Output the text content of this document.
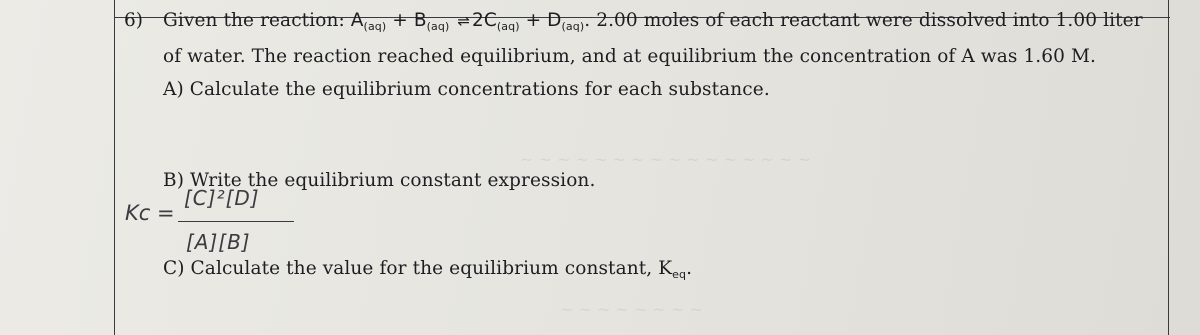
~ ~ ~ ~ ~ ~ ~ ~ ~ ~ ~ ~ ~ ~ ~ ~
~ ~ ~ ~ ~ ~ ~ ~
6) Given the reaction: $A_{(aq)} + B_{(aq)}$ ⇌ $2C_{(aq)} + D_{(aq)}$. 2.00 moles of each reactant were dissolved into 1.00 liter
of water. The reaction reached equilibrium, and at equilibrium the concentration of A was 1.60 M.
A) Calculate the equilibrium concentrations for each substance.
B) Write the equilibrium constant expression.
Kc =
[C]²[D]
[A][B]
C) Calculate the value for the equilibrium constant, $K_{eq}$.
